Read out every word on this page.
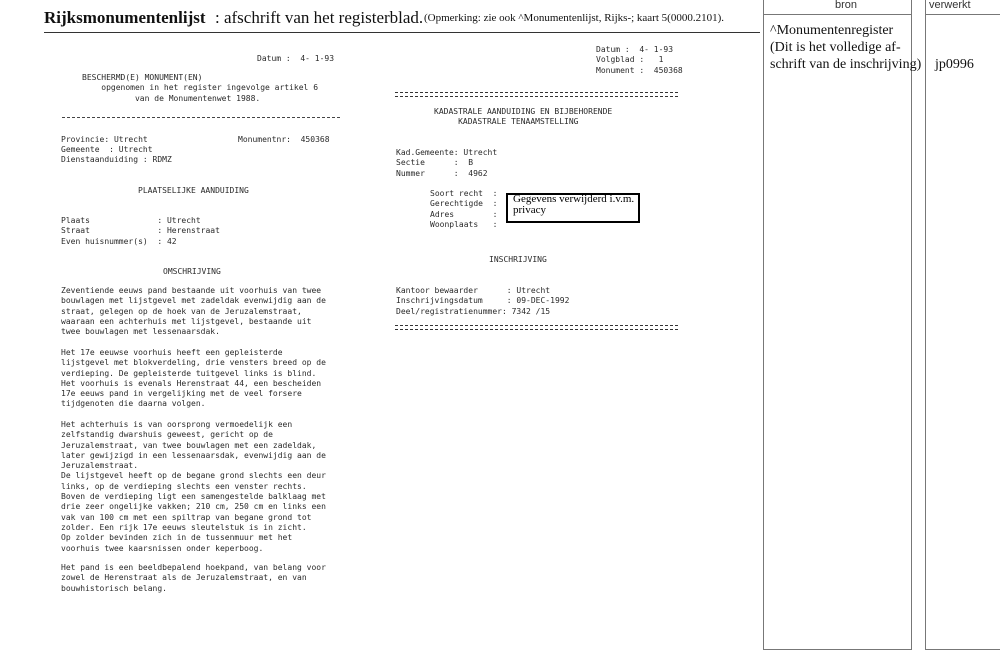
Rijksmonumentenlijst : afschrift van het registerblad. (Opmerking: zie ook ^Monumentenlijst, Rijks-; kaart 5(0000.2101).
bron	verwerkt
^Monumentenregister
(Dit is het volledige af-
schrift van de inschrijving) jp0996
Datum :  4- 1-93
BESCHERMD(E) MONUMENT(EN)
opgenomen in het register ingevolge artikel 6
van de Monumentenwet 1988.
Provincie: Utrecht	Monumentnr:  450368
Gemeente  : Utrecht
Dienstaanduiding : RDMZ
PLAATSELIJKE AANDUIDING
Plaats              : Utrecht
Straat              : Herenstraat
Even huisnummer(s)  : 42
OMSCHRIJVING
Zeventiende eeuws pand bestaande uit voorhuis van twee
bouwlagen met lijstgevel met zadeldak evenwijdig aan de
straat, gelegen op de hoek van de Jeruzalemstraat,
waaraan een achterhuis met lijstgevel, bestaande uit
twee bouwlagen met lessenaarsdak.
Het 17e eeuwse voorhuis heeft een gepleisterde
lijstgevel met blokverdeling, drie vensters breed op de
verdieping. De gepleisterde tuitgevel links is blind.
Het voorhuis is evenals Herenstraat 44, een bescheiden
17e eeuws pand in vergelijking met de veel forsere
tijdgenoten die daarna volgen.
Het achterhuis is van oorsprong vermoedelijk een
zelfstandig dwarshuis geweest, gericht op de
Jeruzalemstraat, van twee bouwlagen met een zadeldak,
later gewijzigd in een lessenaarsdak, evenwijdig aan de
Jeruzalemstraat.
De lijstgevel heeft op de begane grond slechts een deur
links, op de verdieping slechts een venster rechts.
Boven de verdieping ligt een samengestelde balklaag met
drie zeer ongelijke vakken; 210 cm, 250 cm en links een
vak van 100 cm met een spiltrap van begane grond tot
zolder. Een rijk 17e eeuws sleutelstuk is in zicht.
Op zolder bevinden zich in de tussenmuur met het
voorhuis twee kaarsnissen onder keperboog.
Het pand is een beeldbepalend hoekpand, van belang voor
zowel de Herenstraat als de Jeruzalemstraat, en van
bouwhistorisch belang.
Datum :  4- 1-93
Volgblad :   1
Monument :  450368
KADASTRALE AANDUIDING EN BIJBEHORENDE
KADASTRALE TENAAMSTELLING
Kad.Gemeente: Utrecht
Sectie      :  B
Nummer      :  4962
Soort recht  :
Gerechtigde  :
Adres        :
Woonplaats   :
Gegevens verwijderd i.v.m.
privacy
INSCHRIJVING
Kantoor bewaarder      : Utrecht
Inschrijvingsdatum     : 09-DEC-1992
Deel/registratienummer: 7342 /15
